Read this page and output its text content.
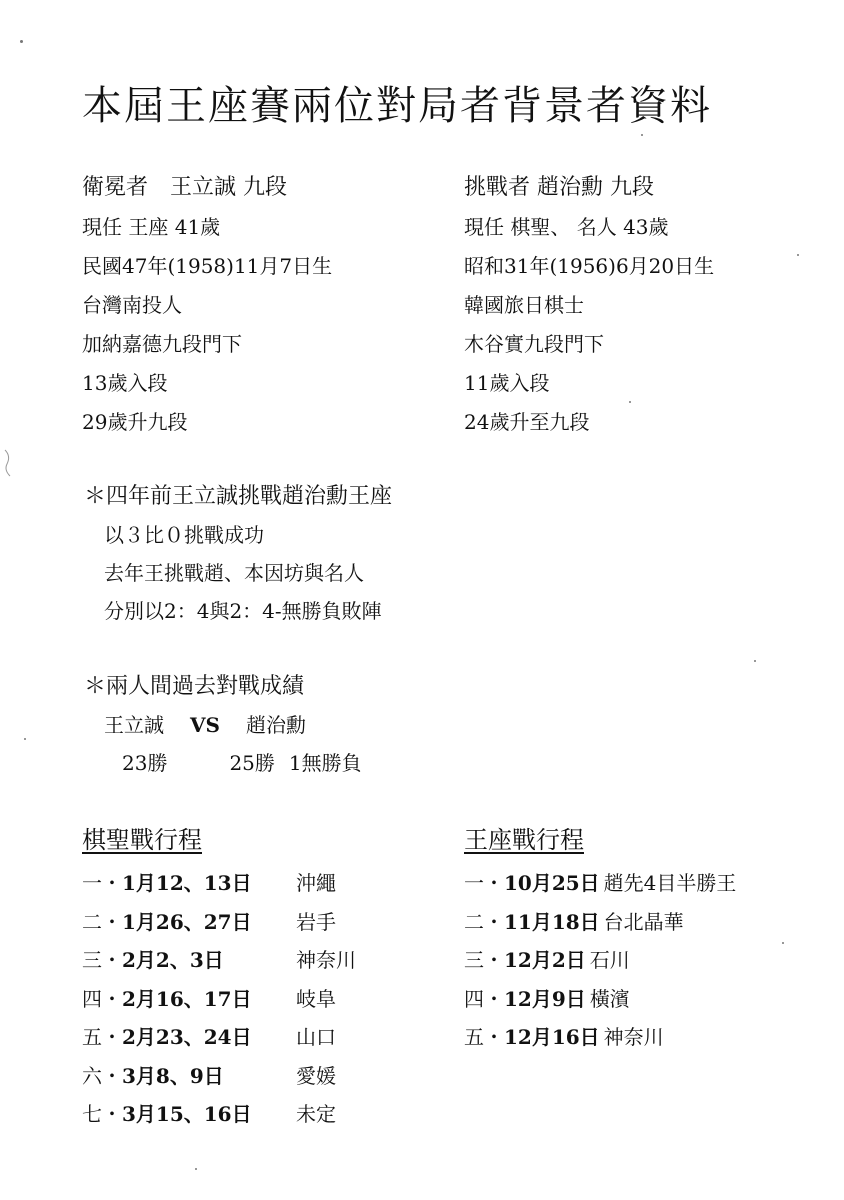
本屆王座賽兩位對局者背景者資料
衛冕者　王立誠 九段
現任 王座 41歲
民國47年(1958)11月7日生
台灣南投人
加納嘉德九段門下
13歲入段
29歲升九段
挑戰者 趙治勳 九段
現任 棋聖、 名人 43歲
昭和31年(1956)6月20日生
韓國旅日棋士
木谷實九段門下
11歲入段
24歲升至九段
＊四年前王立誠挑戰趙治勳王座
以３比０挑戰成功
去年王挑戰趙、本因坊與名人
分別以2：4與2：4-無勝負敗陣
＊兩人間過去對戰成績
王立誠 VS 趙治勳
23勝	25勝 1無勝負
棋聖戰行程
一・1月12、13日 沖繩
二・1月26、27日 岩手
三・2月2、3日	神奈川
四・2月16、17日 岐阜
五・2月23、24日 山口
六・3月8、9日	愛媛
七・3月15、16日 未定
王座戰行程
一・10月25日 趙先4目半勝王
二・11月18日 台北晶華
三・12月2日 石川
四・12月9日 橫濱
五・12月16日 神奈川
